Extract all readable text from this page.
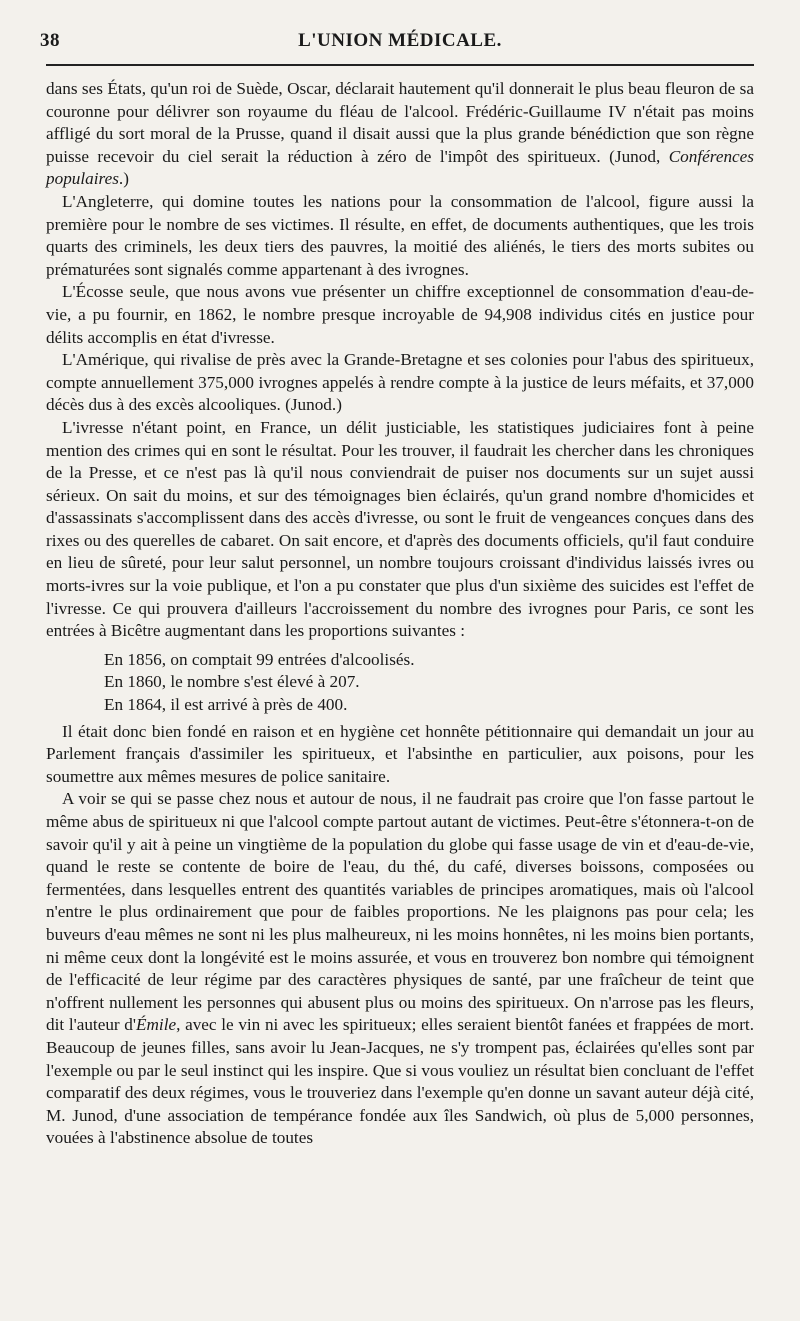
38	L'UNION MÉDICALE.

dans ses États, qu'un roi de Suède, Oscar, déclarait hautement qu'il donnerait le plus beau fleuron de sa couronne pour délivrer son royaume du fléau de l'alcool. Frédéric-Guillaume IV n'était pas moins affligé du sort moral de la Prusse, quand il disait aussi que la plus grande bénédiction que son règne puisse recevoir du ciel serait la réduction à zéro de l'impôt des spiritueux. (Junod, Conférences populaires.)

L'Angleterre, qui domine toutes les nations pour la consommation de l'alcool, figure aussi la première pour le nombre de ses victimes. Il résulte, en effet, de documents authentiques, que les trois quarts des criminels, les deux tiers des pauvres, la moitié des aliénés, le tiers des morts subites ou prématurées sont signalés comme appartenant à des ivrognes.

L'Écosse seule, que nous avons vue présenter un chiffre exceptionnel de consommation d'eau-de-vie, a pu fournir, en 1862, le nombre presque incroyable de 94,908 individus cités en justice pour délits accomplis en état d'ivresse.

L'Amérique, qui rivalise de près avec la Grande-Bretagne et ses colonies pour l'abus des spiritueux, compte annuellement 375,000 ivrognes appelés à rendre compte à la justice de leurs méfaits, et 37,000 décès dus à des excès alcooliques. (Junod.)

L'ivresse n'étant point, en France, un délit justiciable, les statistiques judiciaires font à peine mention des crimes qui en sont le résultat. Pour les trouver, il faudrait les chercher dans les chroniques de la Presse, et ce n'est pas là qu'il nous conviendrait de puiser nos documents sur un sujet aussi sérieux. On sait du moins, et sur des témoignages bien éclairés, qu'un grand nombre d'homicides et d'assassinats s'accomplissent dans des accès d'ivresse, ou sont le fruit de vengeances conçues dans des rixes ou des querelles de cabaret. On sait encore, et d'après des documents officiels, qu'il faut conduire en lieu de sûreté, pour leur salut personnel, un nombre toujours croissant d'individus laissés ivres ou morts-ivres sur la voie publique, et l'on a pu constater que plus d'un sixième des suicides est l'effet de l'ivresse. Ce qui prouvera d'ailleurs l'accroissement du nombre des ivrognes pour Paris, ce sont les entrées à Bicêtre augmentant dans les proportions suivantes :

En 1856, on comptait 99 entrées d'alcoolisés.
En 1860, le nombre s'est élevé à 207.
En 1864, il est arrivé à près de 400.

Il était donc bien fondé en raison et en hygiène cet honnête pétitionnaire qui demandait un jour au Parlement français d'assimiler les spiritueux, et l'absinthe en particulier, aux poisons, pour les soumettre aux mêmes mesures de police sanitaire.

A voir se qui se passe chez nous et autour de nous, il ne faudrait pas croire que l'on fasse partout le même abus de spiritueux ni que l'alcool compte partout autant de victimes. Peut-être s'étonnera-t-on de savoir qu'il y ait à peine un vingtième de la population du globe qui fasse usage de vin et d'eau-de-vie, quand le reste se contente de boire de l'eau, du thé, du café, diverses boissons, composées ou fermentées, dans lesquelles entrent des quantités variables de principes aromatiques, mais où l'alcool n'entre le plus ordinairement que pour de faibles proportions. Ne les plaignons pas pour cela; les buveurs d'eau mêmes ne sont ni les plus malheureux, ni les moins honnêtes, ni les moins bien portants, ni même ceux dont la longévité est le moins assurée, et vous en trouverez bon nombre qui témoignent de l'efficacité de leur régime par des caractères physiques de santé, par une fraîcheur de teint que n'offrent nullement les personnes qui abusent plus ou moins des spiritueux. On n'arrose pas les fleurs, dit l'auteur d'Émile, avec le vin ni avec les spiritueux; elles seraient bientôt fanées et frappées de mort. Beaucoup de jeunes filles, sans avoir lu Jean-Jacques, ne s'y trompent pas, éclairées qu'elles sont par l'exemple ou par le seul instinct qui les inspire. Que si vous vouliez un résultat bien concluant de l'effet comparatif des deux régimes, vous le trouveriez dans l'exemple qu'en donne un savant auteur déjà cité, M. Junod, d'une association de tempérance fondée aux îles Sandwich, où plus de 5,000 personnes, vouées à l'abstinence absolue de toutes
